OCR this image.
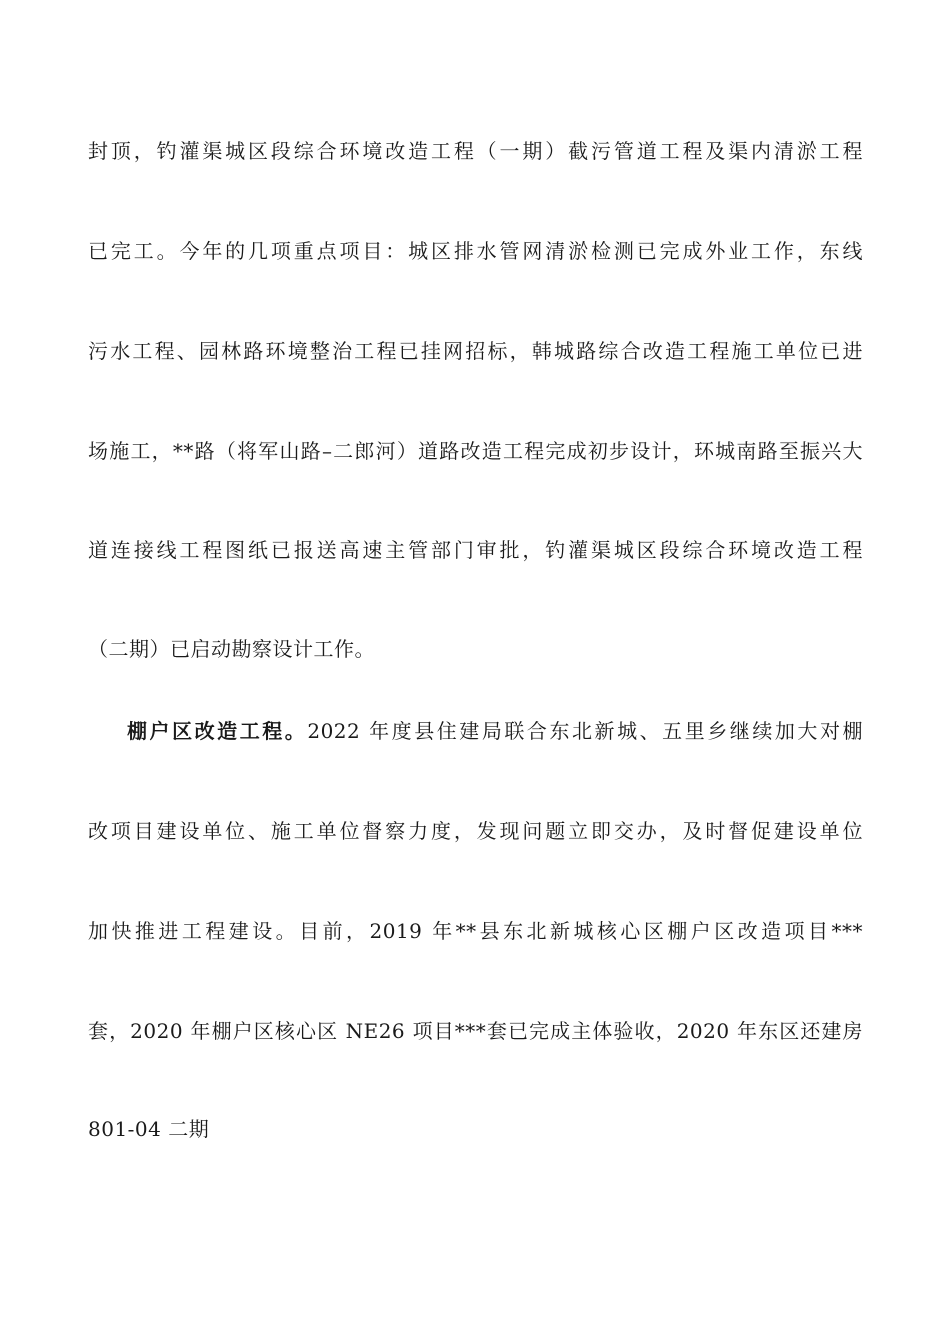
封顶，钓灌渠城区段综合环境改造工程（一期）截污管道工程及渠内清淤工程
已完工。今年的几项重点项目：城区排水管网清淤检测已完成外业工作，东线
污水工程、园林路环境整治工程已挂网招标，韩城路综合改造工程施工单位已进
场施工，**路（将军山路–二郎河）道路改造工程完成初步设计，环城南路至振兴大
道连接线工程图纸已报送高速主管部门审批，钓灌渠城区段综合环境改造工程
（二期）已启动勘察设计工作。
棚户区改造工程。2022 年度县住建局联合东北新城、五里乡继续加大对棚
改项目建设单位、施工单位督察力度，发现问题立即交办，及时督促建设单位
加快推进工程建设。目前，2019 年**县东北新城核心区棚户区改造项目***
套，2020 年棚户区核心区 NE26 项目***套已完成主体验收，2020 年东区还建房
801-04 二期
